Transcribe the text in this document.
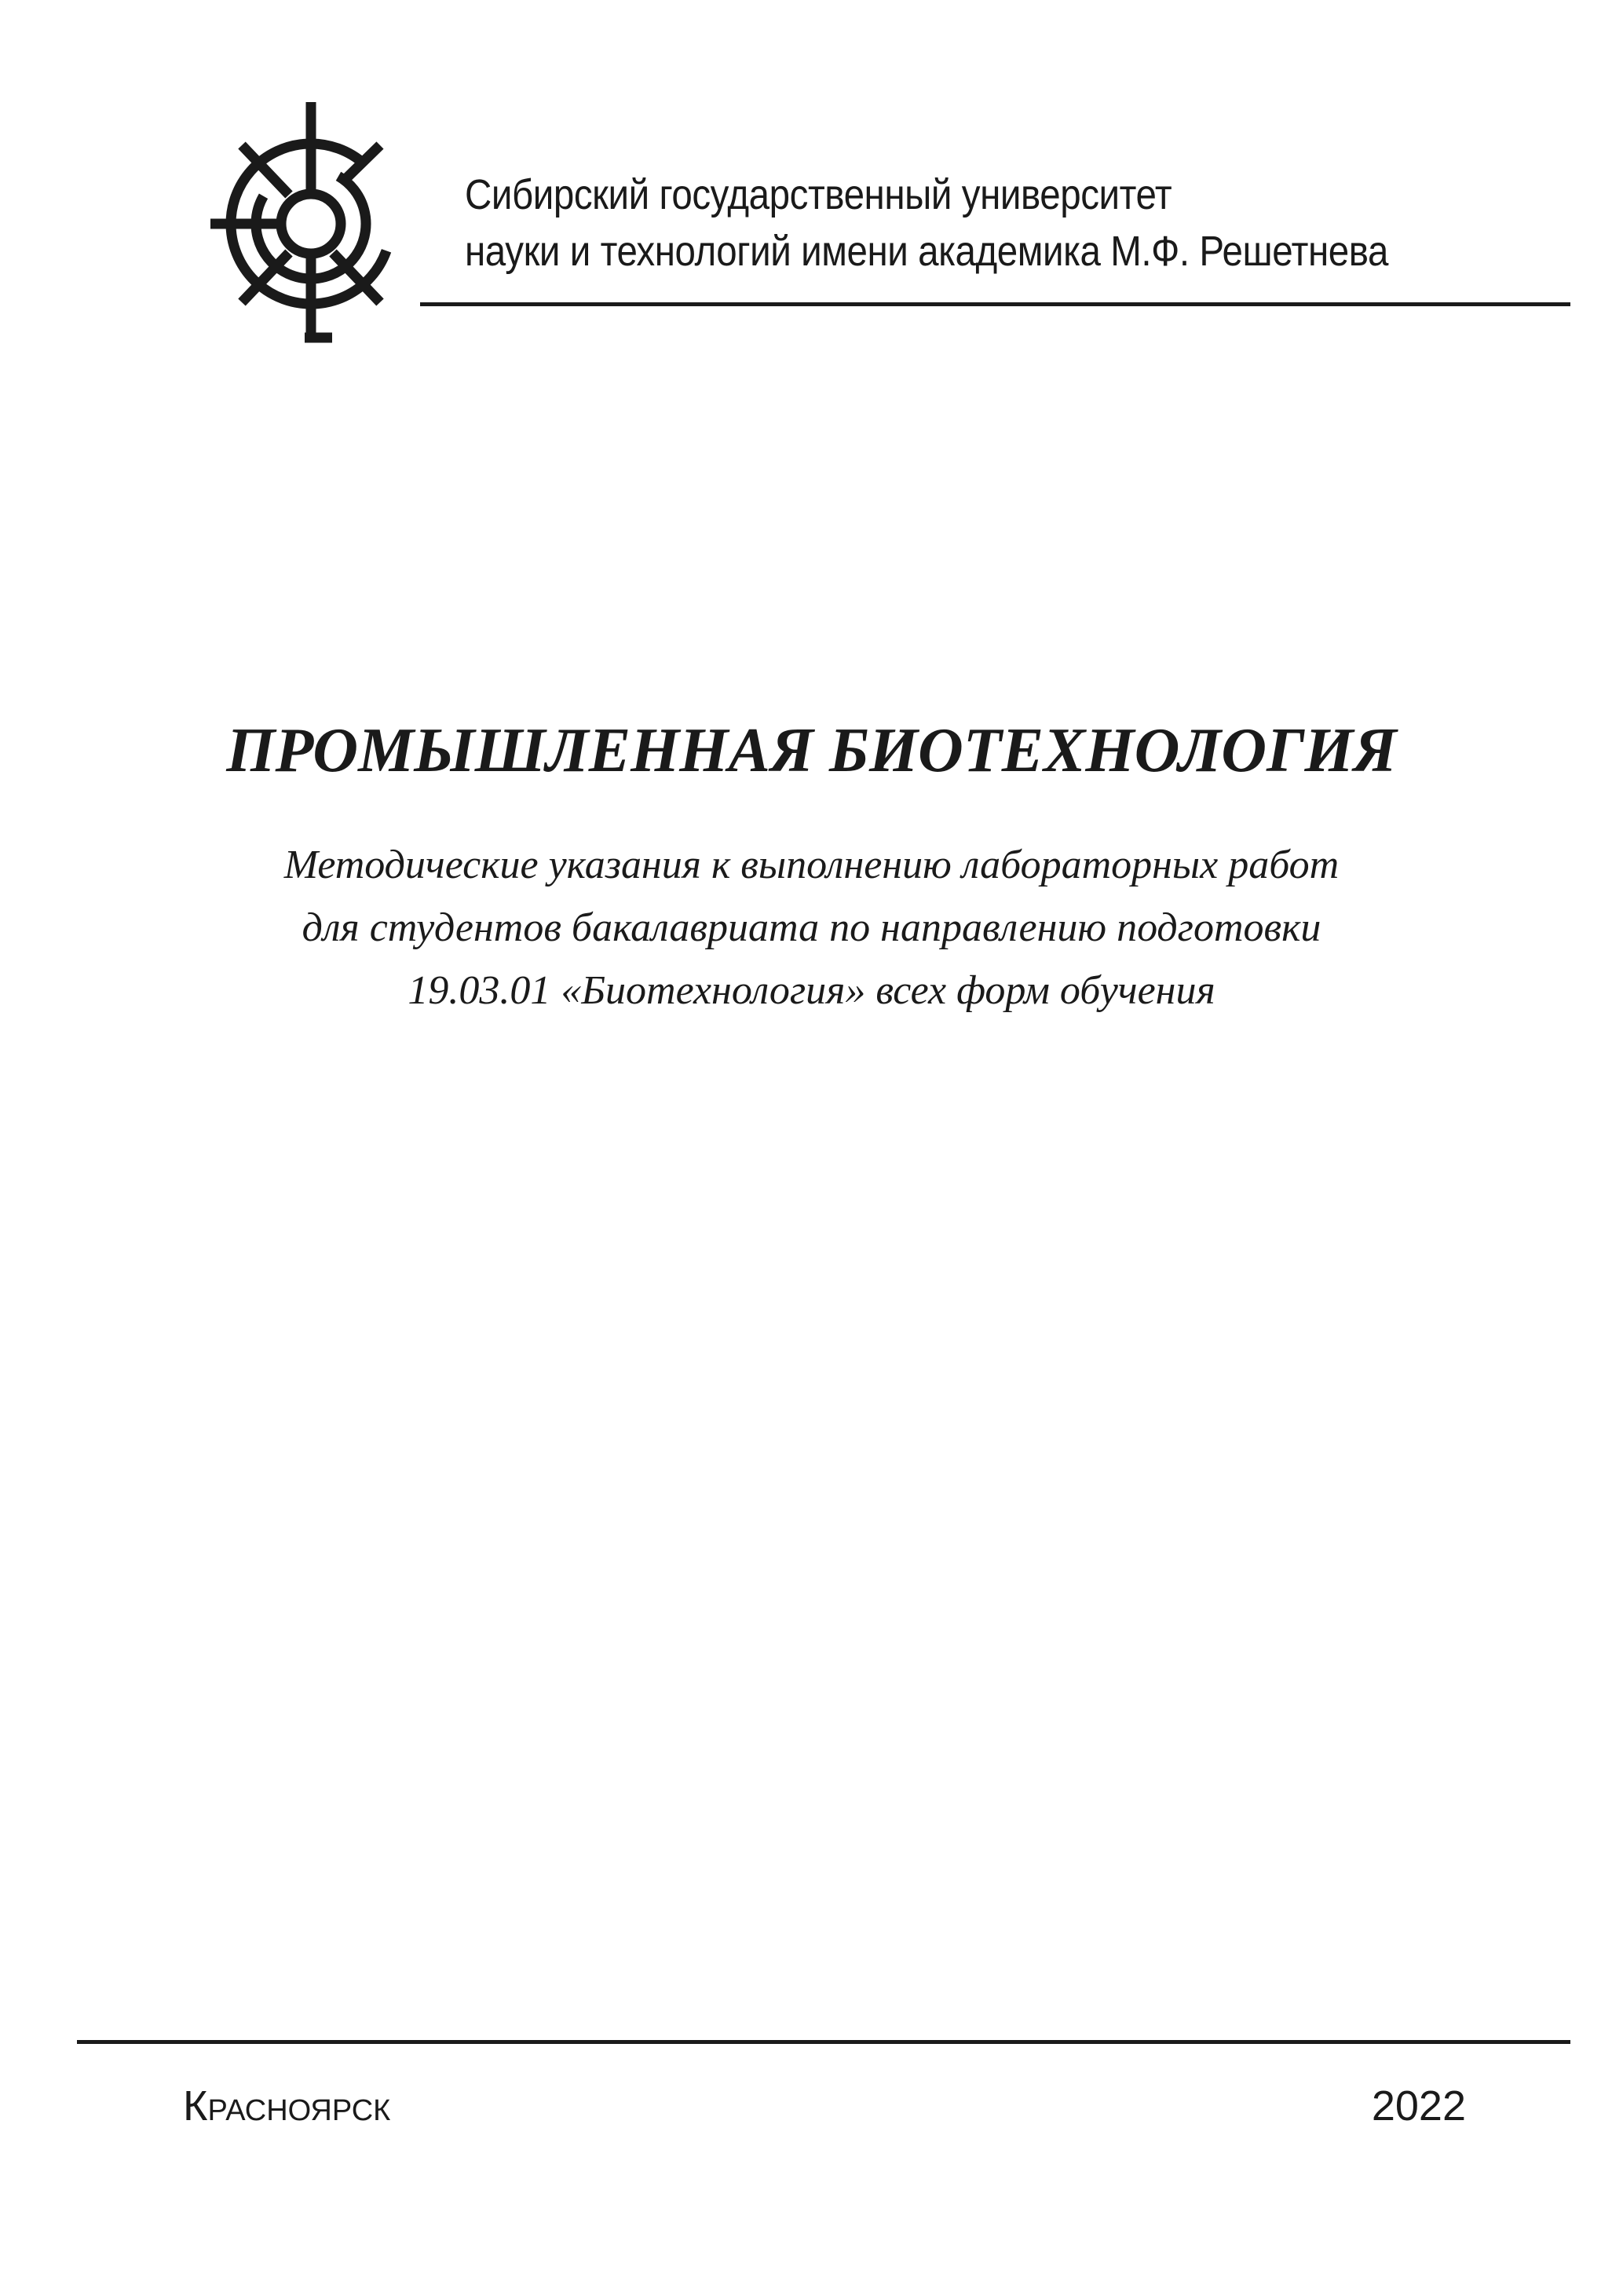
Сибирский государственный университет
науки и технологий имени академика М.Ф. Решетнева
ПРОМЫШЛЕННАЯ БИОТЕХНОЛОГИЯ
Методические указания к выполнению лабораторных работ
для студентов бакалавриата по направлению подготовки
19.03.01 «Биотехнология» всех форм обучения
Красноярск	2022
